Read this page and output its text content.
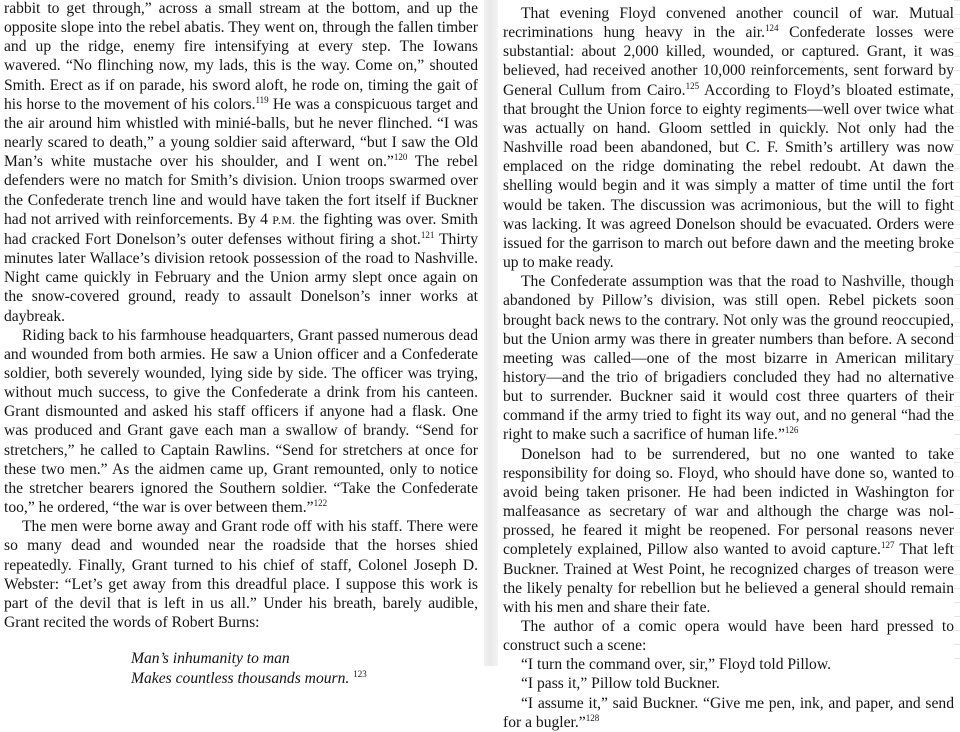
rabbit to get through,” across a small stream at the bottom, and up the opposite slope into the rebel abatis. They went on, through the fallen timber and up the ridge, enemy fire intensifying at every step. The Iowans wavered. “No flinching now, my lads, this is the way. Come on,” shouted Smith. Erect as if on parade, his sword aloft, he rode on, timing the gait of his horse to the movement of his colors.$^{119}$ He was a conspicuous target and the air around him whistled with minié-balls, but he never flinched. “I was nearly scared to death,” a young soldier said afterward, “but I saw the Old Man’s white mustache over his shoulder, and I went on.”$^{120}$ The rebel defenders were no match for Smith’s division. Union troops swarmed over the Confederate trench line and would have taken the fort itself if Buckner had not arrived with reinforcements. By 4 P.M. the fighting was over. Smith had cracked Fort Donelson’s outer defenses without firing a shot.$^{121}$ Thirty minutes later Wallace’s division retook possession of the road to Nashville. Night came quickly in February and the Union army slept once again on the snow-covered ground, ready to assault Donelson’s inner works at daybreak.

Riding back to his farmhouse headquarters, Grant passed numerous dead and wounded from both armies. He saw a Union officer and a Confederate soldier, both severely wounded, lying side by side. The officer was trying, without much success, to give the Confederate a drink from his canteen. Grant dismounted and asked his staff officers if anyone had a flask. One was produced and Grant gave each man a swallow of brandy. “Send for stretchers,” he called to Captain Rawlins. “Send for stretchers at once for these two men.” As the aidmen came up, Grant remounted, only to notice the stretcher bearers ignored the Southern soldier. “Take the Confederate too,” he ordered, “the war is over between them.”$^{122}$

The men were borne away and Grant rode off with his staff. There were so many dead and wounded near the roadside that the horses shied repeatedly. Finally, Grant turned to his chief of staff, Colonel Joseph D. Webster: “Let’s get away from this dreadful place. I suppose this work is part of the devil that is left in us all.” Under his breath, barely audible, Grant recited the words of Robert Burns:

Man’s inhumanity to man
Makes countless thousands mourn. $^{123}$

That evening Floyd convened another council of war. Mutual recriminations hung heavy in the air.$^{124}$ Confederate losses were substantial: about 2,000 killed, wounded, or captured. Grant, it was believed, had received another 10,000 reinforcements, sent forward by General Cullum from Cairo.$^{125}$ According to Floyd’s bloated estimate, that brought the Union force to eighty regiments—well over twice what was actually on hand. Gloom settled in quickly. Not only had the Nashville road been abandoned, but C. F. Smith’s artillery was now emplaced on the ridge dominating the rebel redoubt. At dawn the shelling would begin and it was simply a matter of time until the fort would be taken. The discussion was acrimonious, but the will to fight was lacking. It was agreed Donelson should be evacuated. Orders were issued for the garrison to march out before dawn and the meeting broke up to make ready.

The Confederate assumption was that the road to Nashville, though abandoned by Pillow’s division, was still open. Rebel pickets soon brought back news to the contrary. Not only was the ground reoccupied, but the Union army was there in greater numbers than before. A second meeting was called—one of the most bizarre in American military history—and the trio of brigadiers concluded they had no alternative but to surrender. Buckner said it would cost three quarters of their command if the army tried to fight its way out, and no general “had the right to make such a sacrifice of human life.”$^{126}$

Donelson had to be surrendered, but no one wanted to take responsibility for doing so. Floyd, who should have done so, wanted to avoid being taken prisoner. He had been indicted in Washington for malfeasance as secretary of war and although the charge was nol-prossed, he feared it might be reopened. For personal reasons never completely explained, Pillow also wanted to avoid capture.$^{127}$ That left Buckner. Trained at West Point, he recognized charges of treason were the likely penalty for rebellion but he believed a general should remain with his men and share their fate.

The author of a comic opera would have been hard pressed to construct such a scene:

“I turn the command over, sir,” Floyd told Pillow.

“I pass it,” Pillow told Buckner.

“I assume it,” said Buckner. “Give me pen, ink, and paper, and send for a bugler.”$^{128}$
